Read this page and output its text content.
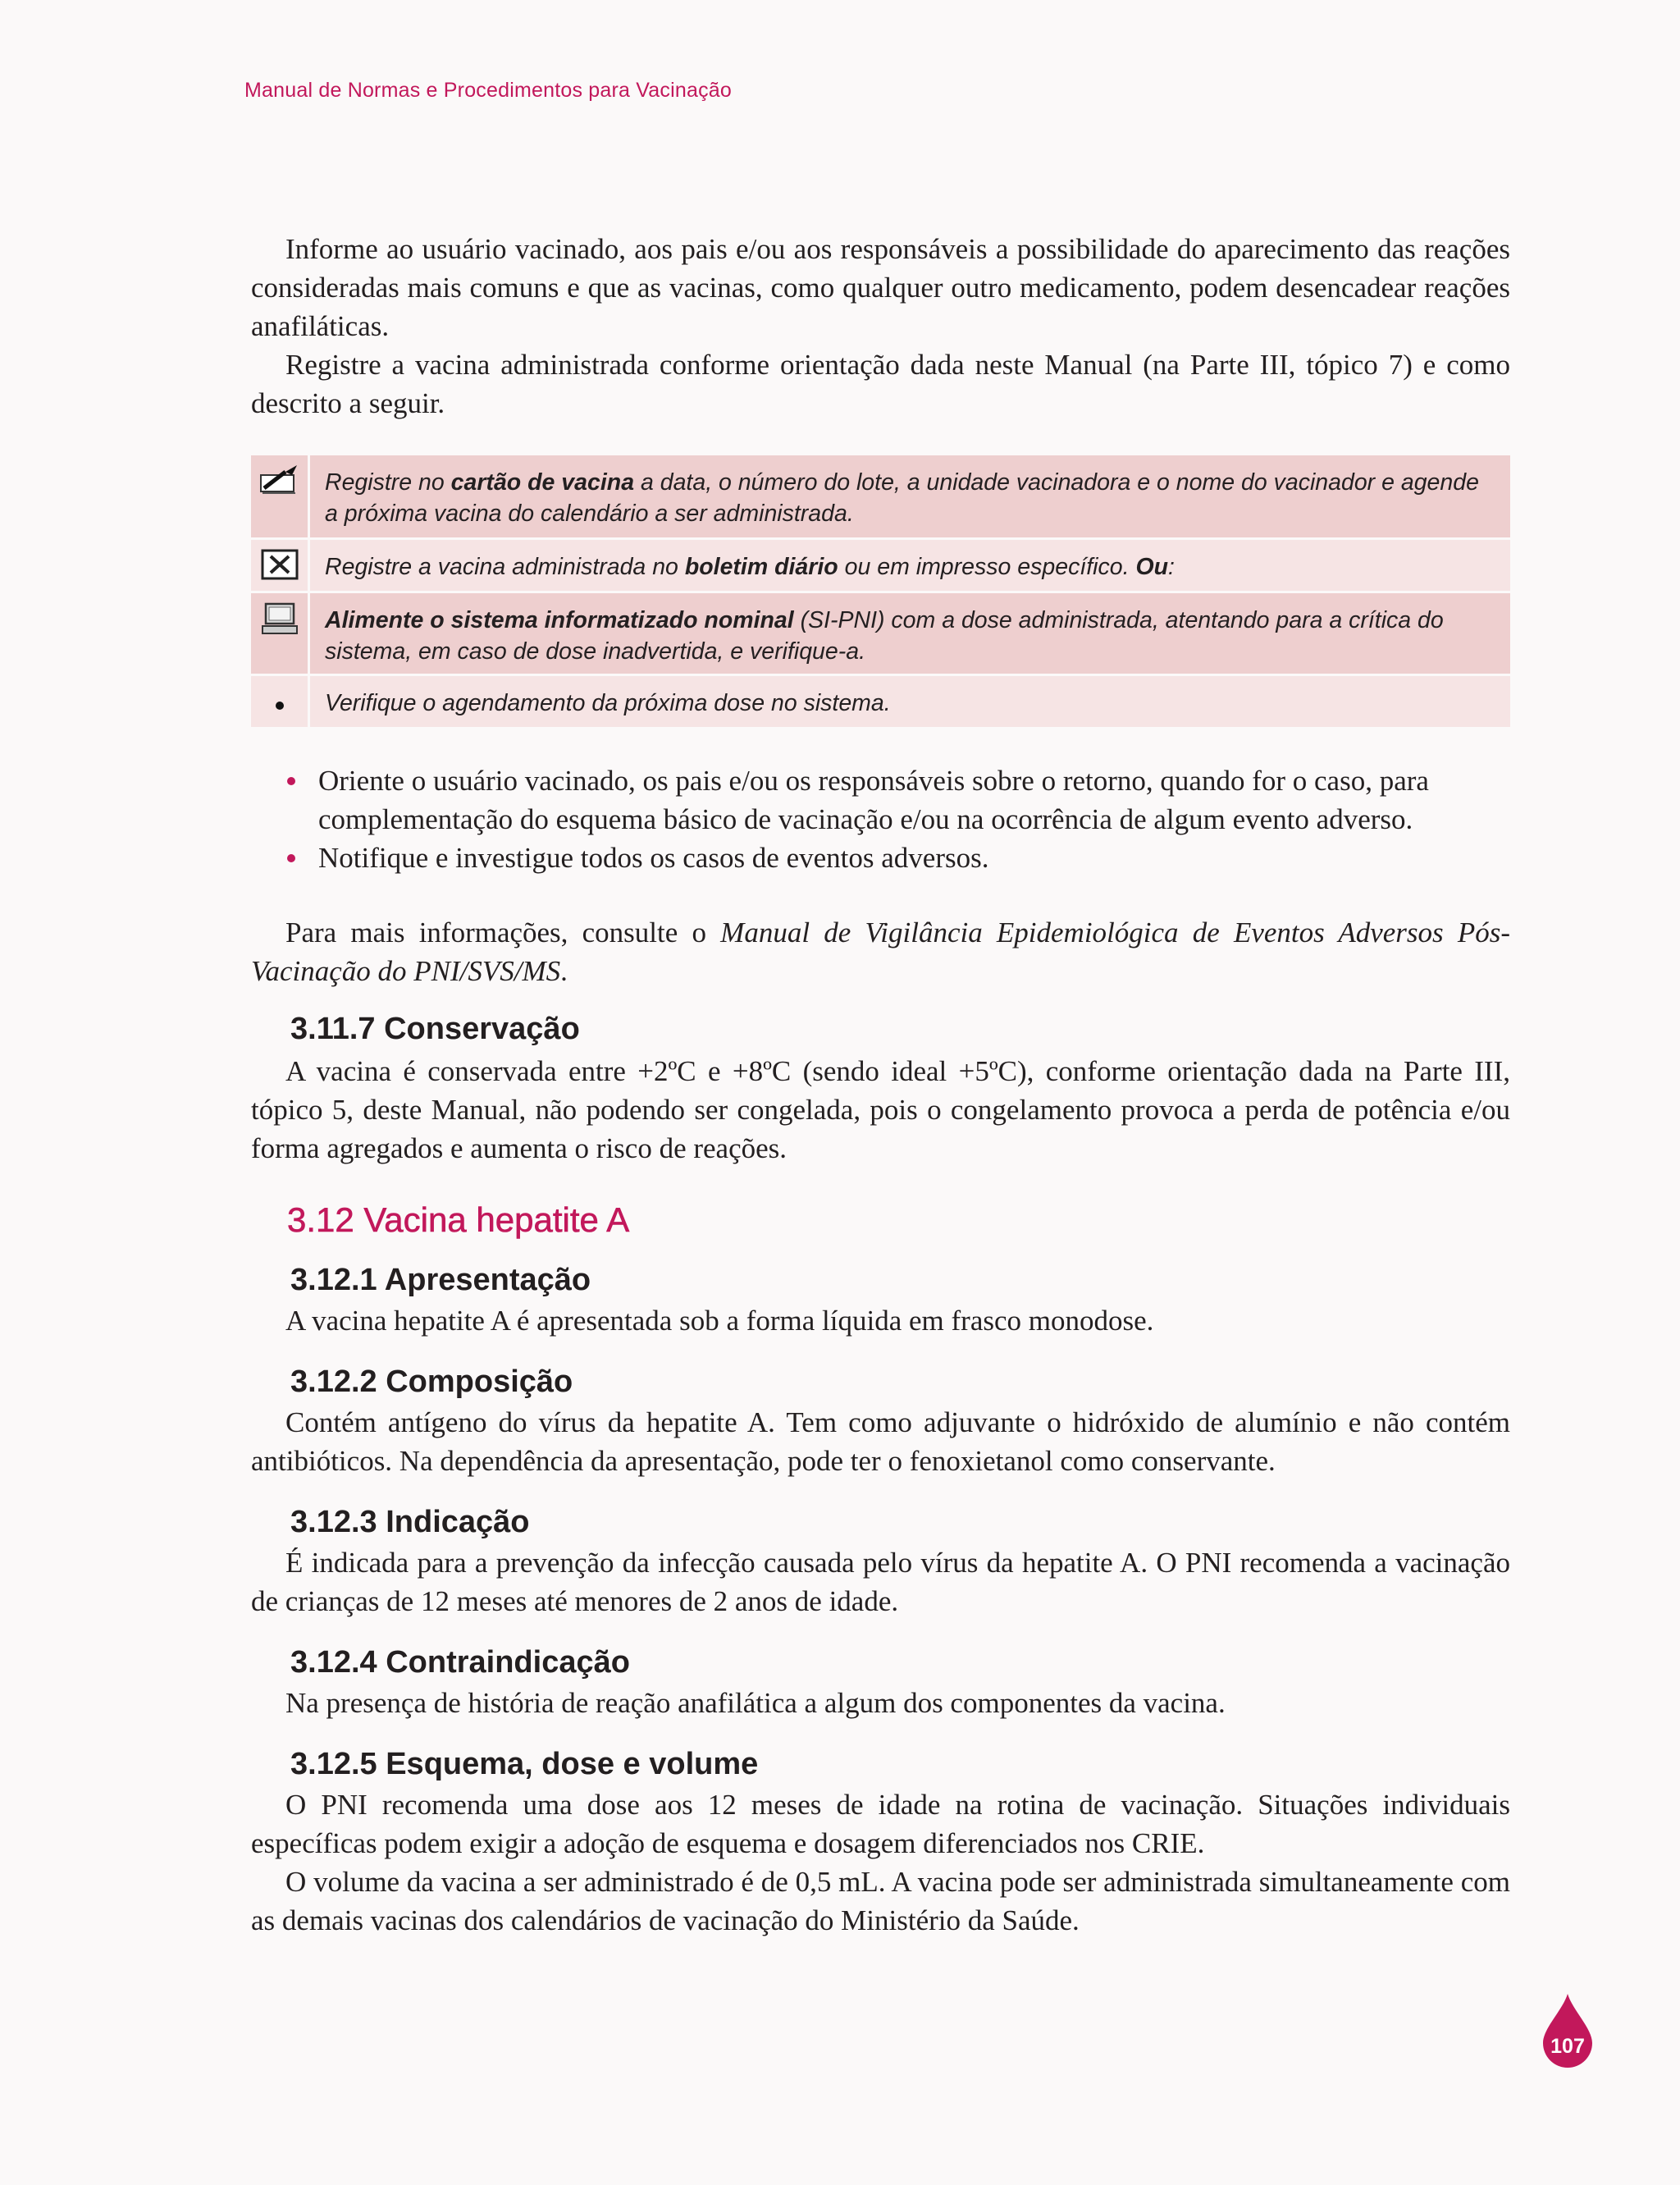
Manual de Normas e Procedimentos para Vacinação

Informe ao usuário vacinado, aos pais e/ou aos responsáveis a possibilidade do aparecimento das reações consideradas mais comuns e que as vacinas, como qualquer outro medicamento, podem desencadear reações anafiláticas.

Registre a vacina administrada conforme orientação dada neste Manual (na Parte III, tópico 7) e como descrito a seguir.

Registre no cartão de vacina a data, o número do lote, a unidade vacinadora e o nome do vacinador e agende a próxima vacina do calendário a ser administrada.
Registre a vacina administrada no boletim diário ou em impresso específico. Ou:
Alimente o sistema informatizado nominal (SI-PNI) com a dose administrada, atentando para a crítica do sistema, em caso de dose inadvertida, e verifique-a.
Verifique o agendamento da próxima dose no sistema.
Oriente o usuário vacinado, os pais e/ou os responsáveis sobre o retorno, quando for o caso, para complementação do esquema básico de vacinação e/ou na ocorrência de algum evento adverso.
Notifique e investigue todos os casos de eventos adversos.

Para mais informações, consulte o Manual de Vigilância Epidemiológica de Eventos Adversos Pós-Vacinação do PNI/SVS/MS.

3.11.7 Conservação

A vacina é conservada entre +2ºC e +8ºC (sendo ideal +5ºC), conforme orientação dada na Parte III, tópico 5, deste Manual, não podendo ser congelada, pois o congelamento provoca a perda de potência e/ou forma agregados e aumenta o risco de reações.

3.12 Vacina hepatite A
3.12.1 Apresentação

A vacina hepatite A é apresentada sob a forma líquida em frasco monodose.

3.12.2 Composição

Contém antígeno do vírus da hepatite A. Tem como adjuvante o hidróxido de alumínio e não contém antibióticos. Na dependência da apresentação, pode ter o fenoxietanol como conservante.

3.12.3 Indicação

É indicada para a prevenção da infecção causada pelo vírus da hepatite A. O PNI recomenda a vacinação de crianças de 12 meses até menores de 2 anos de idade.

3.12.4 Contraindicação

Na presença de história de reação anafilática a algum dos componentes da vacina.

3.12.5 Esquema, dose e volume

O PNI recomenda uma dose aos 12 meses de idade na rotina de vacinação. Situações individuais específicas podem exigir a adoção de esquema e dosagem diferenciados nos CRIE.

O volume da vacina a ser administrado é de 0,5 mL. A vacina pode ser administrada simultaneamente com as demais vacinas dos calendários de vacinação do Ministério da Saúde.

107
